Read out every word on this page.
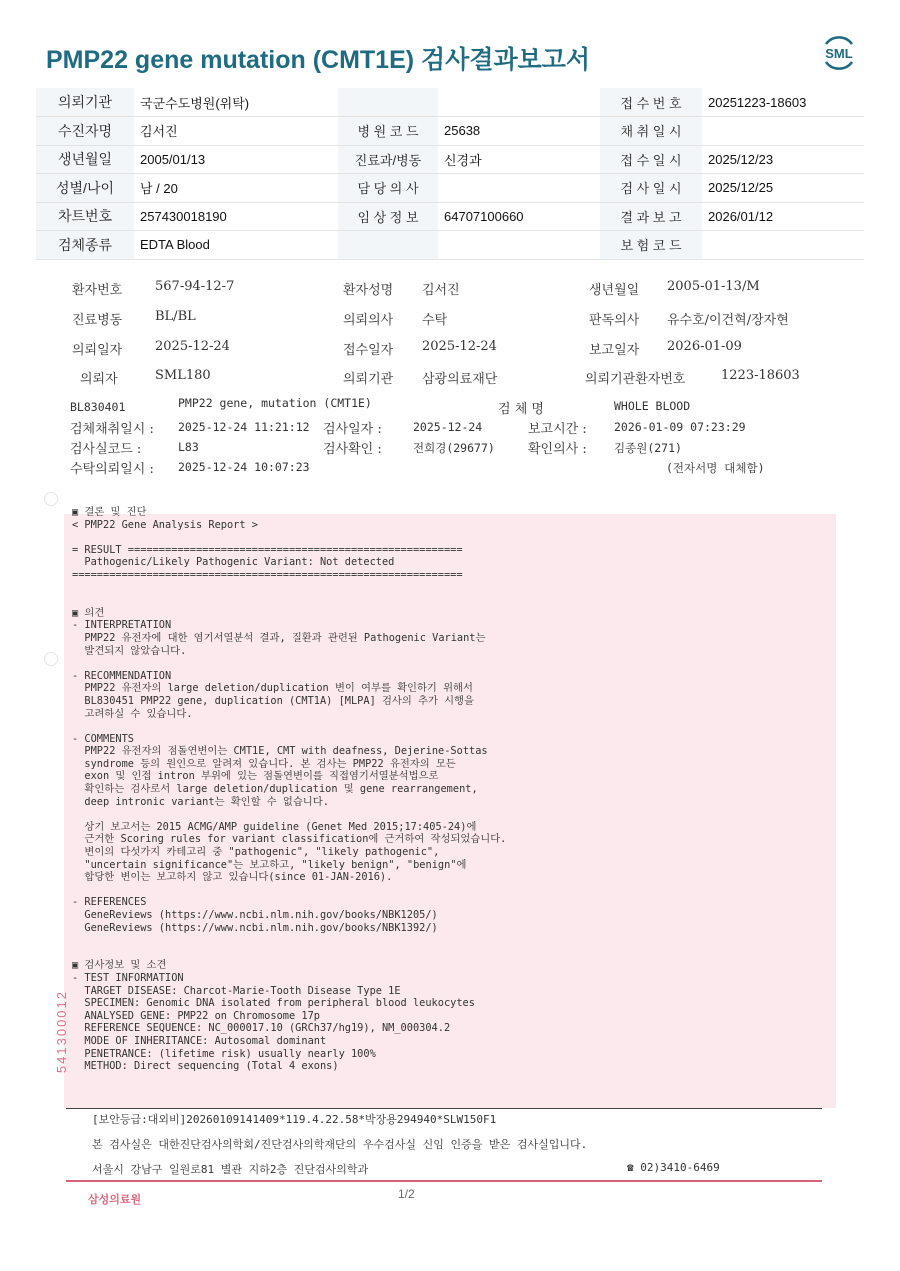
PMP22 gene mutation (CMT1E) 검사결과보고서	SML
의뢰기관	국군수도병원(위탁)			접 수 번 호	20251223-18603
수진자명	김서진	병 원 코 드	25638	채 취 일 시	
생년월일	2005/01/13	진료과/병동	신경과	접 수 일 시	2025/12/23
성별/나이	남 / 20	담 당 의 사		검 사 일 시	2025/12/25
차트번호	257430018190	임 상 정 보	64707100660	결 과 보 고	2026/01/12
검체종류	EDTA Blood			보 험 코 드	
환자번호	567-94-12-7	환자성명 김서진	생년월일 2005-01-13/M
진료병동	BL/BL	의뢰의사 수탁	판독의사 유수호/이건혁/장자현
의뢰일자	2025-12-24	접수일자 2025-12-24	보고일자 2026-01-09
의뢰자	SML180	의뢰기관 삼광의료재단	의뢰기관환자번호	1223-18603
BL830401	PMP22 gene, mutation (CMT1E)	검 체 명	WHOLE BLOOD
검체채취일시 : 2025-12-24 11:21:12 검사일자 :	2025-12-24	보고시간 : 2026-01-09 07:23:29
검사실코드 :	L83	검사확인 :	전희경(29677)	확인의사 : 김종원(271)
수탁의뢰일시 : 2025-12-24 10:07:23	(전자서명 대체함)
▣ 결론 및 진단
< PMP22 Gene Analysis Report >
= RESULT ======================================================
Pathogenic/Likely Pathogenic Variant: Not detected
===============================================================
▣ 의견
- INTERPRETATION
PMP22 유전자에 대한 염기서열분석 결과, 질환과 관련된 Pathogenic Variant는
발견되지 않았습니다.
- RECOMMENDATION
PMP22 유전자의 large deletion/duplication 변이 여부를 확인하기 위해서
BL830451 PMP22 gene, duplication (CMT1A) [MLPA] 검사의 추가 시행을
고려하실 수 있습니다.
- COMMENTS
PMP22 유전자의 점돌연변이는 CMT1E, CMT with deafness, Dejerine-Sottas
syndrome 등의 원인으로 알려져 있습니다. 본 검사는 PMP22 유전자의 모든
exon 및 인접 intron 부위에 있는 점돌연변이를 직접염기서열분석법으로
확인하는 검사로서 large deletion/duplication 및 gene rearrangement,
deep intronic variant는 확인할 수 없습니다.
상기 보고서는 2015 ACMG/AMP guideline (Genet Med 2015;17:405-24)에
근거한 Scoring rules for variant classification에 근거하여 작성되었습니다.
변이의 다섯가지 카테고리 중 "pathogenic", "likely pathogenic",
"uncertain significance"는 보고하고, "likely benign", "benign"에
합당한 변이는 보고하지 않고 있습니다(since 01-JAN-2016).
- REFERENCES
GeneReviews (https://www.ncbi.nlm.nih.gov/books/NBK1205/)
GeneReviews (https://www.ncbi.nlm.nih.gov/books/NBK1392/)
▣ 검사정보 및 소견
- TEST INFORMATION
TARGET DISEASE: Charcot-Marie-Tooth Disease Type 1E
SPECIMEN: Genomic DNA isolated from peripheral blood leukocytes
ANALYSED GENE: PMP22 on Chromosome 17p
REFERENCE SEQUENCE: NC_000017.10 (GRCh37/hg19), NM_000304.2
MODE OF INHERITANCE: Autosomal dominant
PENETRANCE: (lifetime risk) usually nearly 100%
METHOD: Direct sequencing (Total 4 exons)
541300012
[보안등급:대외비]20260109141409*119.4.22.58*박장용294940*SLW150F1
본 검사실은 대한진단검사의학회/진단검사의학재단의 우수검사실 신임 인증을 받은 검사실입니다.
서울시 강남구 일원로81 별관 지하2층 진단검사의학과	☎ 02)3410-6469
삼성의료원	1/2
